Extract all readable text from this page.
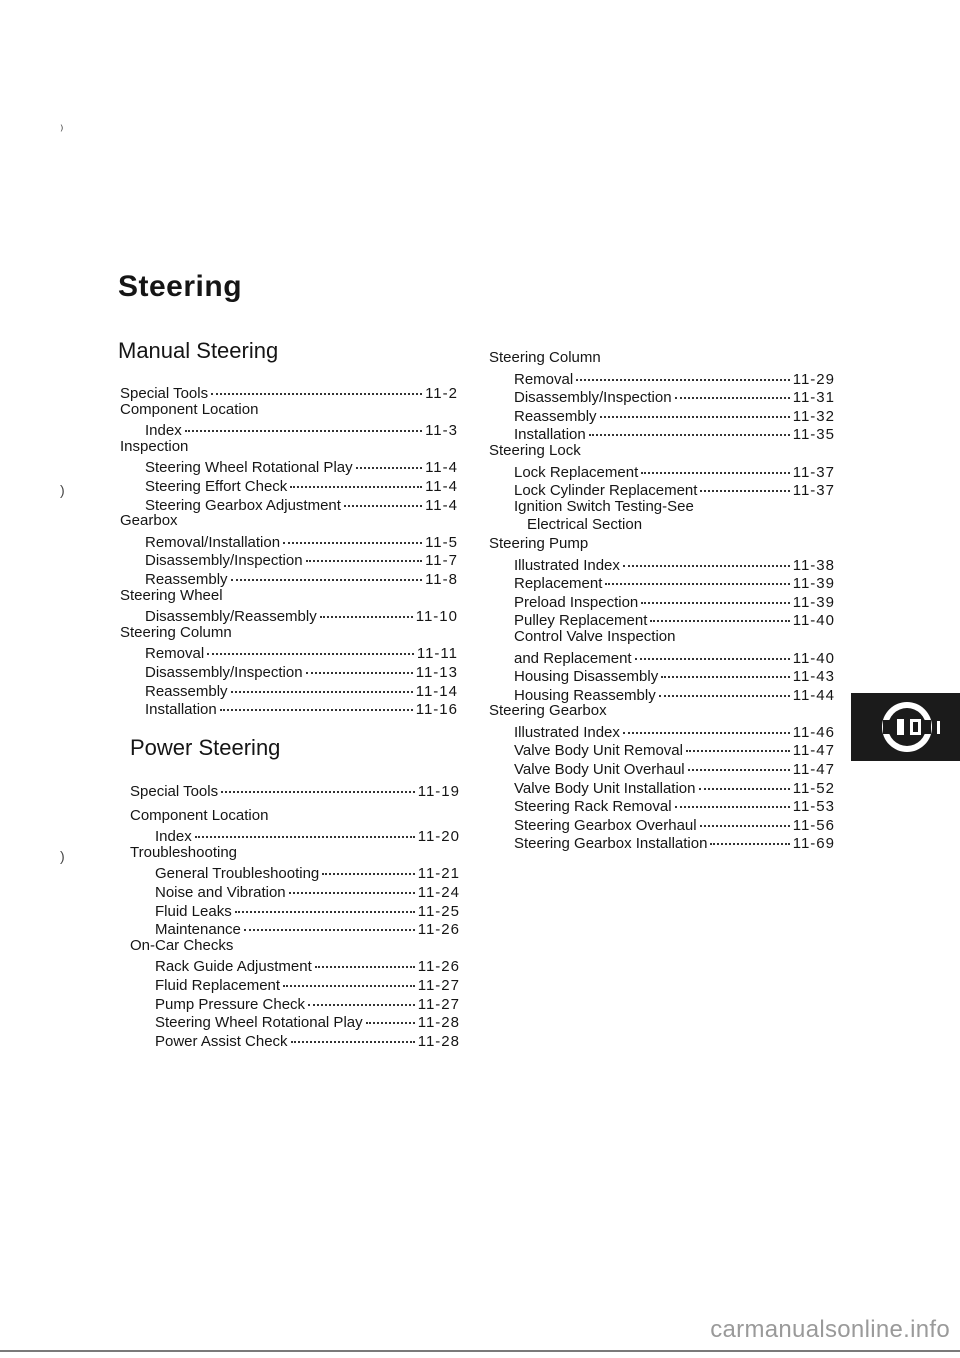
Steering
Manual Steering
Special Tools	11-2
Component Location
Index	11-3
Inspection
Steering Wheel Rotational Play	11-4
Steering Effort Check	11-4
Steering Gearbox Adjustment	11-4
Gearbox
Removal/Installation	11-5
Disassembly/Inspection	11-7
Reassembly	11-8
Steering Wheel
Disassembly/Reassembly	11-10
Steering Column
Removal	11-11
Disassembly/Inspection	11-13
Reassembly	11-14
Installation	11-16
Power Steering
Special Tools	11-19
Component Location
Index	11-20
Troubleshooting
General Troubleshooting	11-21
Noise and Vibration	11-24
Fluid Leaks	11-25
Maintenance	11-26
On-Car Checks
Rack Guide Adjustment	11-26
Fluid Replacement	11-27
Pump Pressure Check	11-27
Steering Wheel Rotational Play	11-28
Power Assist Check	11-28
Steering Column
Removal	11-29
Disassembly/Inspection	11-31
Reassembly	11-32
Installation	11-35
Steering Lock
Lock Replacement	11-37
Lock Cylinder Replacement	11-37
Ignition Switch Testing-See
Electrical Section
Steering Pump
Illustrated Index	11-38
Replacement	11-39
Preload Inspection	11-39
Pulley Replacement	11-40
Control Valve Inspection
and Replacement	11-40
Housing Disassembly	11-43
Housing Reassembly	11-44
Steering Gearbox
Illustrated Index	11-46
Valve Body Unit Removal	11-47
Valve Body Unit Overhaul	11-47
Valve Body Unit Installation	11-52
Steering Rack Removal	11-53
Steering Gearbox Overhaul	11-56
Steering Gearbox Installation	11-69
⁾
)
)
carmanualsonline.info
